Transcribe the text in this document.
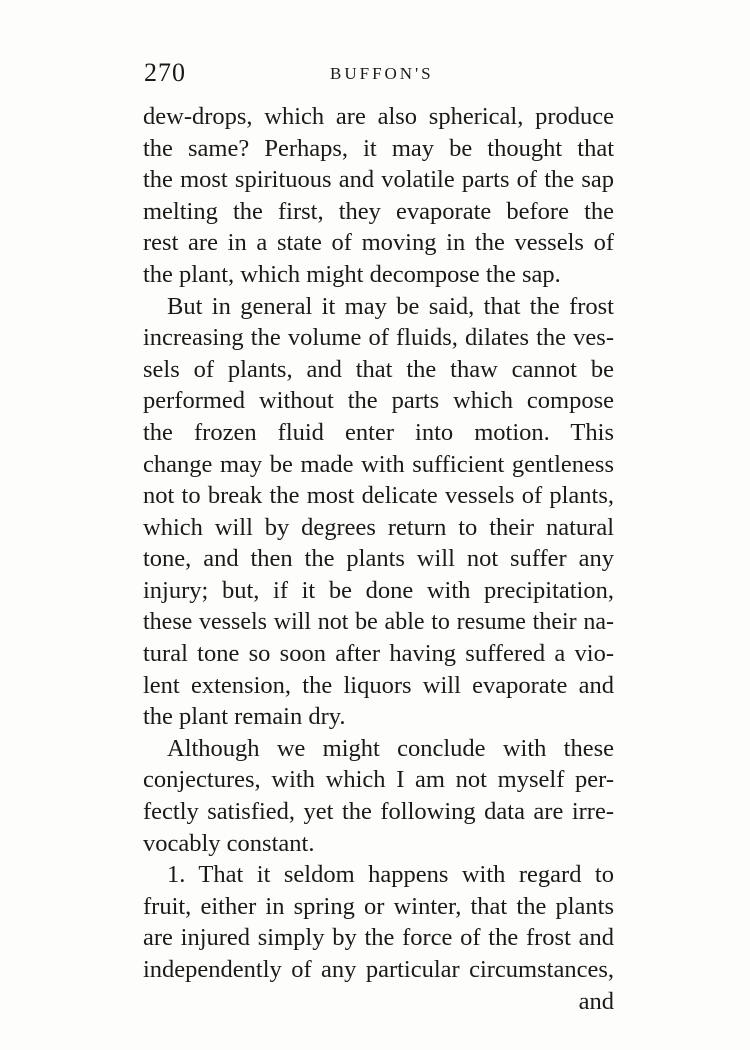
270	BUFFON'S
dew-drops, which are also spherical, produce
the same? Perhaps, it may be thought that
the most spirituous and volatile parts of the sap
melting the first, they evaporate before the
rest are in a state of moving in the vessels of
the plant, which might decompose the sap.
But in general it may be said, that the frost
increasing the volume of fluids, dilates the ves-
sels of plants, and that the thaw cannot be
performed without the parts which compose
the frozen fluid enter into motion. This
change may be made with sufficient gentleness
not to break the most delicate vessels of plants,
which will by degrees return to their natural
tone, and then the plants will not suffer any
injury; but, if it be done with precipitation,
these vessels will not be able to resume their na-
tural tone so soon after having suffered a vio-
lent extension, the liquors will evaporate and
the plant remain dry.
Although we might conclude with these
conjectures, with which I am not myself per-
fectly satisfied, yet the following data are irre-
vocably constant.
1. That it seldom happens with regard to
fruit, either in spring or winter, that the plants
are injured simply by the force of the frost and
independently of any particular circumstances,
and
